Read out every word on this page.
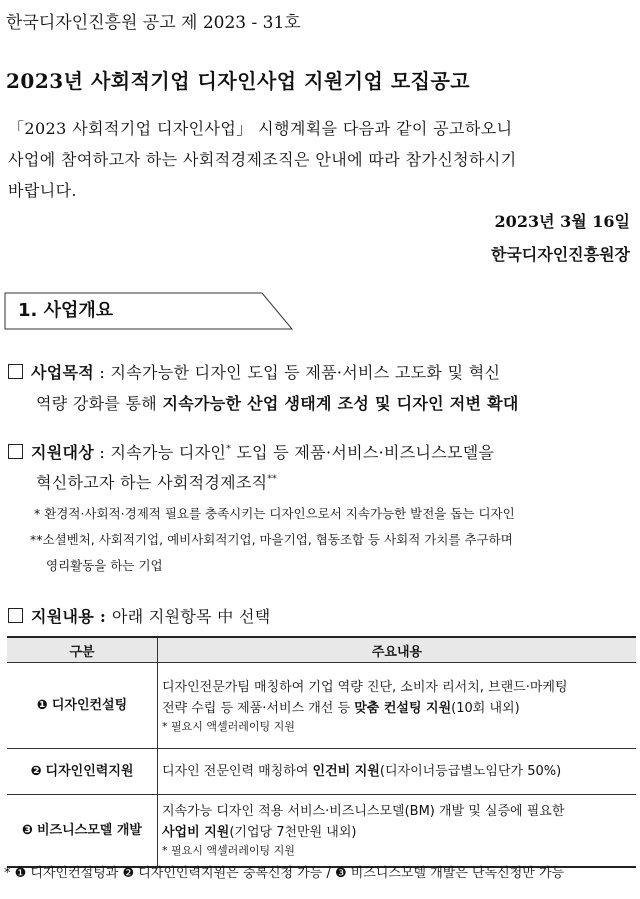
한국디자인진흥원 공고 제 2023 - 31호
2023년 사회적기업 디자인사업 지원기업 모집공고
「2023 사회적기업 디자인사업」 시행계획을 다음과 같이 공고하오니
사업에 참여하고자 하는 사회적경제조직은 안내에 따라 참가신청하시기
바랍니다.
2023년 3월 16일
한국디자인진흥원장
1. 사업개요
사업목적 : 지속가능한 디자인 도입 등 제품·서비스 고도화 및 혁신
역량 강화를 통해 지속가능한 산업 생태계 조성 및 디자인 저변 확대
지원대상 : 지속가능 디자인* 도입 등 제품·서비스·비즈니스모델을
혁신하고자 하는 사회적경제조직**
* 환경적·사회적·경제적 필요를 충족시키는 디자인으로서 지속가능한 발전을 돕는 디자인
**소셜벤처, 사회적기업, 예비사회적기업, 마을기업, 협동조합 등 사회적 가치를 추구하며
영리활동을 하는 기업
지원내용 : 아래 지원항목 中 선택
구분	주요내용
❶ 디자인컨설팅	디자인전문가팀 매칭하여 기업 역량 진단, 소비자 리서치, 브랜드·마케팅
전략 수립 등 제품·서비스 개선 등 맞춤 컨설팅 지원(10회 내외)
* 필요시 액셀러레이팅 지원

❷ 디자인인력지원	디자인 전문인력 매칭하여 인건비 지원(디자이너등급별노임단가 50%)

❸ 비즈니스모델 개발	지속가능 디자인 적용 서비스·비즈니스모델(BM) 개발 및 실증에 필요한
사업비 지원(기업당 7천만원 내외)
* 필요시 액셀러레이팅 지원
* ❶ 디자인컨설팅과 ❷ 디자인인력지원은 중복신청 가능 / ❸ 비즈니스모델 개발은 단독신청만 가능
